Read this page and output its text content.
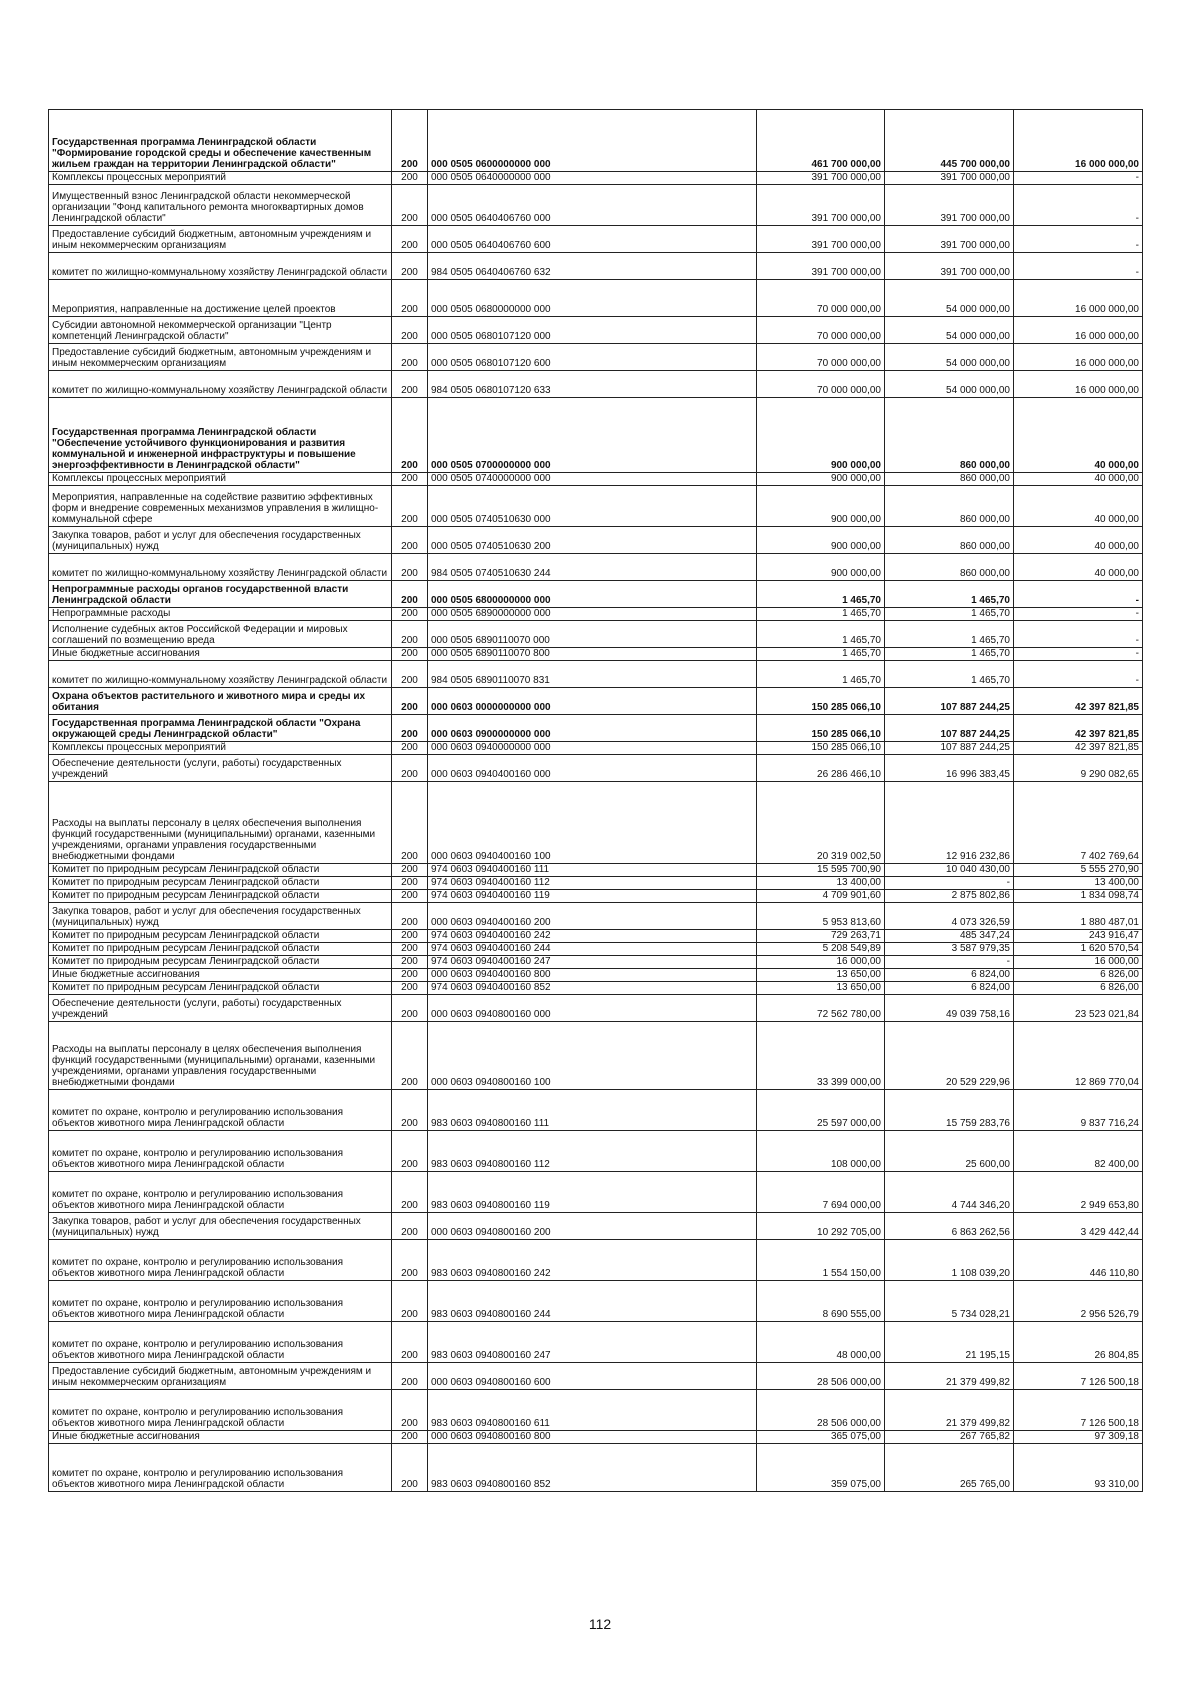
Государственная программа Ленинградской области "Формирование городской среды и обеспечение качественным жильем граждан на территории Ленинградской области"	200	000 0505 0600000000 000	461 700 000,00	445 700 000,00	16 000 000,00
Комплексы процессных мероприятий	200	000 0505 0640000000 000	391 700 000,00	391 700 000,00	-
Имущественный взнос Ленинградской области некоммерческой организации "Фонд капитального ремонта многоквартирных домов Ленинградской области"	200	000 0505 0640406760 000	391 700 000,00	391 700 000,00	-
Предоставление субсидий бюджетным, автономным учреждениям и иным некоммерческим организациям	200	000 0505 0640406760 600	391 700 000,00	391 700 000,00	-
комитет по жилищно-коммунальному хозяйству Ленинградской области	200	984 0505 0640406760 632	391 700 000,00	391 700 000,00	-
Мероприятия, направленные на достижение целей проектов	200	000 0505 0680000000 000	70 000 000,00	54 000 000,00	16 000 000,00
Субсидии автономной некоммерческой организации "Центр компетенций Ленинградской области"	200	000 0505 0680107120 000	70 000 000,00	54 000 000,00	16 000 000,00
Предоставление субсидий бюджетным, автономным учреждениям и иным некоммерческим организациям	200	000 0505 0680107120 600	70 000 000,00	54 000 000,00	16 000 000,00
комитет по жилищно-коммунальному хозяйству Ленинградской области	200	984 0505 0680107120 633	70 000 000,00	54 000 000,00	16 000 000,00
Государственная программа Ленинградской области "Обеспечение устойчивого функционирования и развития коммунальной и инженерной инфраструктуры и повышение энергоэффективности в Ленинградской области"	200	000 0505 0700000000 000	900 000,00	860 000,00	40 000,00
Комплексы процессных мероприятий	200	000 0505 0740000000 000	900 000,00	860 000,00	40 000,00
Мероприятия, направленные на содействие развитию эффективных форм и внедрение современных механизмов управления в жилищно-коммунальной сфере	200	000 0505 0740510630 000	900 000,00	860 000,00	40 000,00
Закупка товаров, работ и услуг для обеспечения государственных (муниципальных) нужд	200	000 0505 0740510630 200	900 000,00	860 000,00	40 000,00
комитет по жилищно-коммунальному хозяйству Ленинградской области	200	984 0505 0740510630 244	900 000,00	860 000,00	40 000,00
Непрограммные расходы органов государственной власти Ленинградской области	200	000 0505 6800000000 000	1 465,70	1 465,70	-
Непрограммные расходы	200	000 0505 6890000000 000	1 465,70	1 465,70	-
Исполнение судебных актов Российской Федерации и мировых соглашений по возмещению вреда	200	000 0505 6890110070 000	1 465,70	1 465,70	-
Иные бюджетные ассигнования	200	000 0505 6890110070 800	1 465,70	1 465,70	-
комитет по жилищно-коммунальному хозяйству Ленинградской области	200	984 0505 6890110070 831	1 465,70	1 465,70	-
Охрана объектов растительного и животного мира и среды их обитания	200	000 0603 0000000000 000	150 285 066,10	107 887 244,25	42 397 821,85
Государственная программа Ленинградской области "Охрана окружающей среды Ленинградской области"	200	000 0603 0900000000 000	150 285 066,10	107 887 244,25	42 397 821,85
Комплексы процессных мероприятий	200	000 0603 0940000000 000	150 285 066,10	107 887 244,25	42 397 821,85
Обеспечение деятельности (услуги, работы) государственных учреждений	200	000 0603 0940400160 000	26 286 466,10	16 996 383,45	9 290 082,65
Расходы на выплаты персоналу в целях обеспечения выполнения функций государственными (муниципальными) органами, казенными учреждениями, органами управления государственными внебюджетными фондами	200	000 0603 0940400160 100	20 319 002,50	12 916 232,86	7 402 769,64
Комитет по природным ресурсам Ленинградской области	200	974 0603 0940400160 111	15 595 700,90	10 040 430,00	5 555 270,90
Комитет по природным ресурсам Ленинградской области	200	974 0603 0940400160 112	13 400,00	-	13 400,00
Комитет по природным ресурсам Ленинградской области	200	974 0603 0940400160 119	4 709 901,60	2 875 802,86	1 834 098,74
Закупка товаров, работ и услуг для обеспечения государственных (муниципальных) нужд	200	000 0603 0940400160 200	5 953 813,60	4 073 326,59	1 880 487,01
Комитет по природным ресурсам Ленинградской области	200	974 0603 0940400160 242	729 263,71	485 347,24	243 916,47
Комитет по природным ресурсам Ленинградской области	200	974 0603 0940400160 244	5 208 549,89	3 587 979,35	1 620 570,54
Комитет по природным ресурсам Ленинградской области	200	974 0603 0940400160 247	16 000,00	-	16 000,00
Иные бюджетные ассигнования	200	000 0603 0940400160 800	13 650,00	6 824,00	6 826,00
Комитет по природным ресурсам Ленинградской области	200	974 0603 0940400160 852	13 650,00	6 824,00	6 826,00
Обеспечение деятельности (услуги, работы) государственных учреждений	200	000 0603 0940800160 000	72 562 780,00	49 039 758,16	23 523 021,84
Расходы на выплаты персоналу в целях обеспечения выполнения функций государственными (муниципальными) органами, казенными учреждениями, органами управления государственными внебюджетными фондами	200	000 0603 0940800160 100	33 399 000,00	20 529 229,96	12 869 770,04
комитет по охране, контролю и регулированию использования объектов животного мира Ленинградской области	200	983 0603 0940800160 111	25 597 000,00	15 759 283,76	9 837 716,24
комитет по охране, контролю и регулированию использования объектов животного мира Ленинградской области	200	983 0603 0940800160 112	108 000,00	25 600,00	82 400,00
комитет по охране, контролю и регулированию использования объектов животного мира Ленинградской области	200	983 0603 0940800160 119	7 694 000,00	4 744 346,20	2 949 653,80
Закупка товаров, работ и услуг для обеспечения государственных (муниципальных) нужд	200	000 0603 0940800160 200	10 292 705,00	6 863 262,56	3 429 442,44
комитет по охране, контролю и регулированию использования объектов животного мира Ленинградской области	200	983 0603 0940800160 242	1 554 150,00	1 108 039,20	446 110,80
комитет по охране, контролю и регулированию использования объектов животного мира Ленинградской области	200	983 0603 0940800160 244	8 690 555,00	5 734 028,21	2 956 526,79
комитет по охране, контролю и регулированию использования объектов животного мира Ленинградской области	200	983 0603 0940800160 247	48 000,00	21 195,15	26 804,85
Предоставление субсидий бюджетным, автономным учреждениям и иным некоммерческим организациям	200	000 0603 0940800160 600	28 506 000,00	21 379 499,82	7 126 500,18
комитет по охране, контролю и регулированию использования объектов животного мира Ленинградской области	200	983 0603 0940800160 611	28 506 000,00	21 379 499,82	7 126 500,18
Иные бюджетные ассигнования	200	000 0603 0940800160 800	365 075,00	267 765,82	97 309,18
комитет по охране, контролю и регулированию использования объектов животного мира Ленинградской области	200	983 0603 0940800160 852	359 075,00	265 765,00	93 310,00
112
